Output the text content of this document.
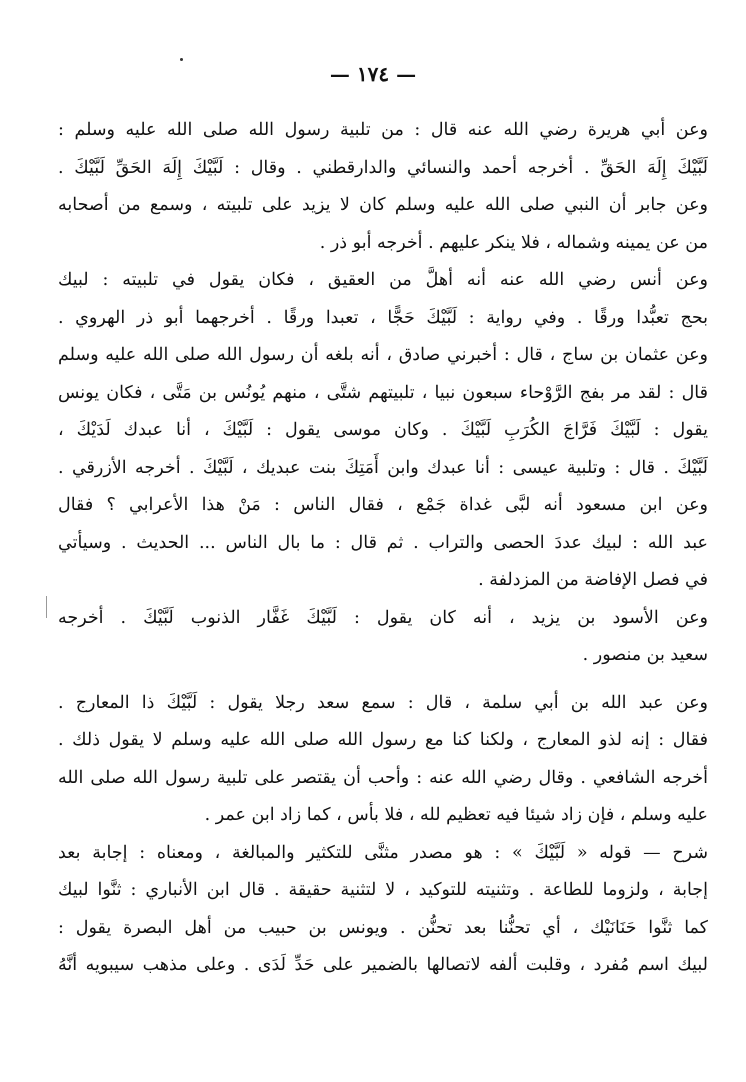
— ١٧٤ —
وعن أبي هريرة رضي الله عنه قال : من تلبية رسول الله صلى الله عليه وسلم :
لَبَّيْكَ إِلَهَ الحَقِّ . أخرجه أحمد والنسائي والدارقطني . وقال : لَبَّيْكَ إِلَهَ الحَقِّ لَبَّيْكَ .
وعن جابر أن النبي صلى الله عليه وسلم كان لا يزيد على تلبيته ، وسمع من أصحابه
من عن يمينه وشماله ، فلا ينكر عليهم . أخرجه أبو ذر .
وعن أنس رضي الله عنه أنه أهلَّ من العقيق ، فكان يقول في تلبيته : لبيك
بحج تعبُّدا ورقًا . وفي رواية : لَبَّيْكَ حَجًّا ، تعبدا ورقًا . أخرجهما أبو ذر الهروي .
وعن عثمان بن ساج ، قال : أخبرني صادق ، أنه بلغه أن رسول الله صلى الله عليه وسلم
قال : لقد مر بفج الرَّوْحاء سبعون نبيا ، تلبيتهم شتَّى ، منهم يُونُس بن مَتَّى ، فكان يونس
يقول : لَبَّيْكَ فَرَّاجَ الكُرَبِ لَبَّيْكَ . وكان موسى يقول : لَبَّيْكَ ، أنا عبدك لَدَيْكَ ،
لَبَّيْكَ . قال : وتلبية عيسى : أنا عبدك وابن أَمَتِكَ بنت عبديك ، لَبَّيْكَ . أخرجه الأزرقي .
وعن ابن مسعود أنه لبَّى غداة جَمْع ، فقال الناس : مَنْ هذا الأعرابي ؟ فقال
عبد الله : لبيك عددَ الحصى والتراب . ثم قال : ما بال الناس ... الحديث . وسيأتي
في فصل الإفاضة من المزدلفة .
وعن الأسود بن يزيد ، أنه كان يقول : لَبَّيْكَ غَفَّار الذنوب لَبَّيْكَ . أخرجه
سعيد بن منصور .
وعن عبد الله بن أبي سلمة ، قال : سمع سعد رجلا يقول : لَبَّيْكَ ذا المعارج .
فقال : إنه لذو المعارج ، ولكنا كنا مع رسول الله صلى الله عليه وسلم لا يقول ذلك .
أخرجه الشافعي . وقال رضي الله عنه : وأحب أن يقتصر على تلبية رسول الله صلى الله
عليه وسلم ، فإن زاد شيئا فيه تعظيم لله ، فلا بأس ، كما زاد ابن عمر .
شرح — قوله « لَبَّيْكَ » : هو مصدر مثنَّى للتكثير والمبالغة ، ومعناه : إجابة بعد
إجابة ، ولزوما للطاعة . وتثنيته للتوكيد ، لا لتثنية حقيقة . قال ابن الأنباري : ثنَّوا لبيك
كما ثنَّوا حَنَانَيْك ، أي تحنُّنا بعد تحنُّن . ويونس بن حبيب من أهل البصرة يقول :
لبيك اسم مُفرد ، وقلبت ألفه لاتصالها بالضمير على حَدِّ لَدَى . وعلى مذهب سيبويه أنَّهُ
